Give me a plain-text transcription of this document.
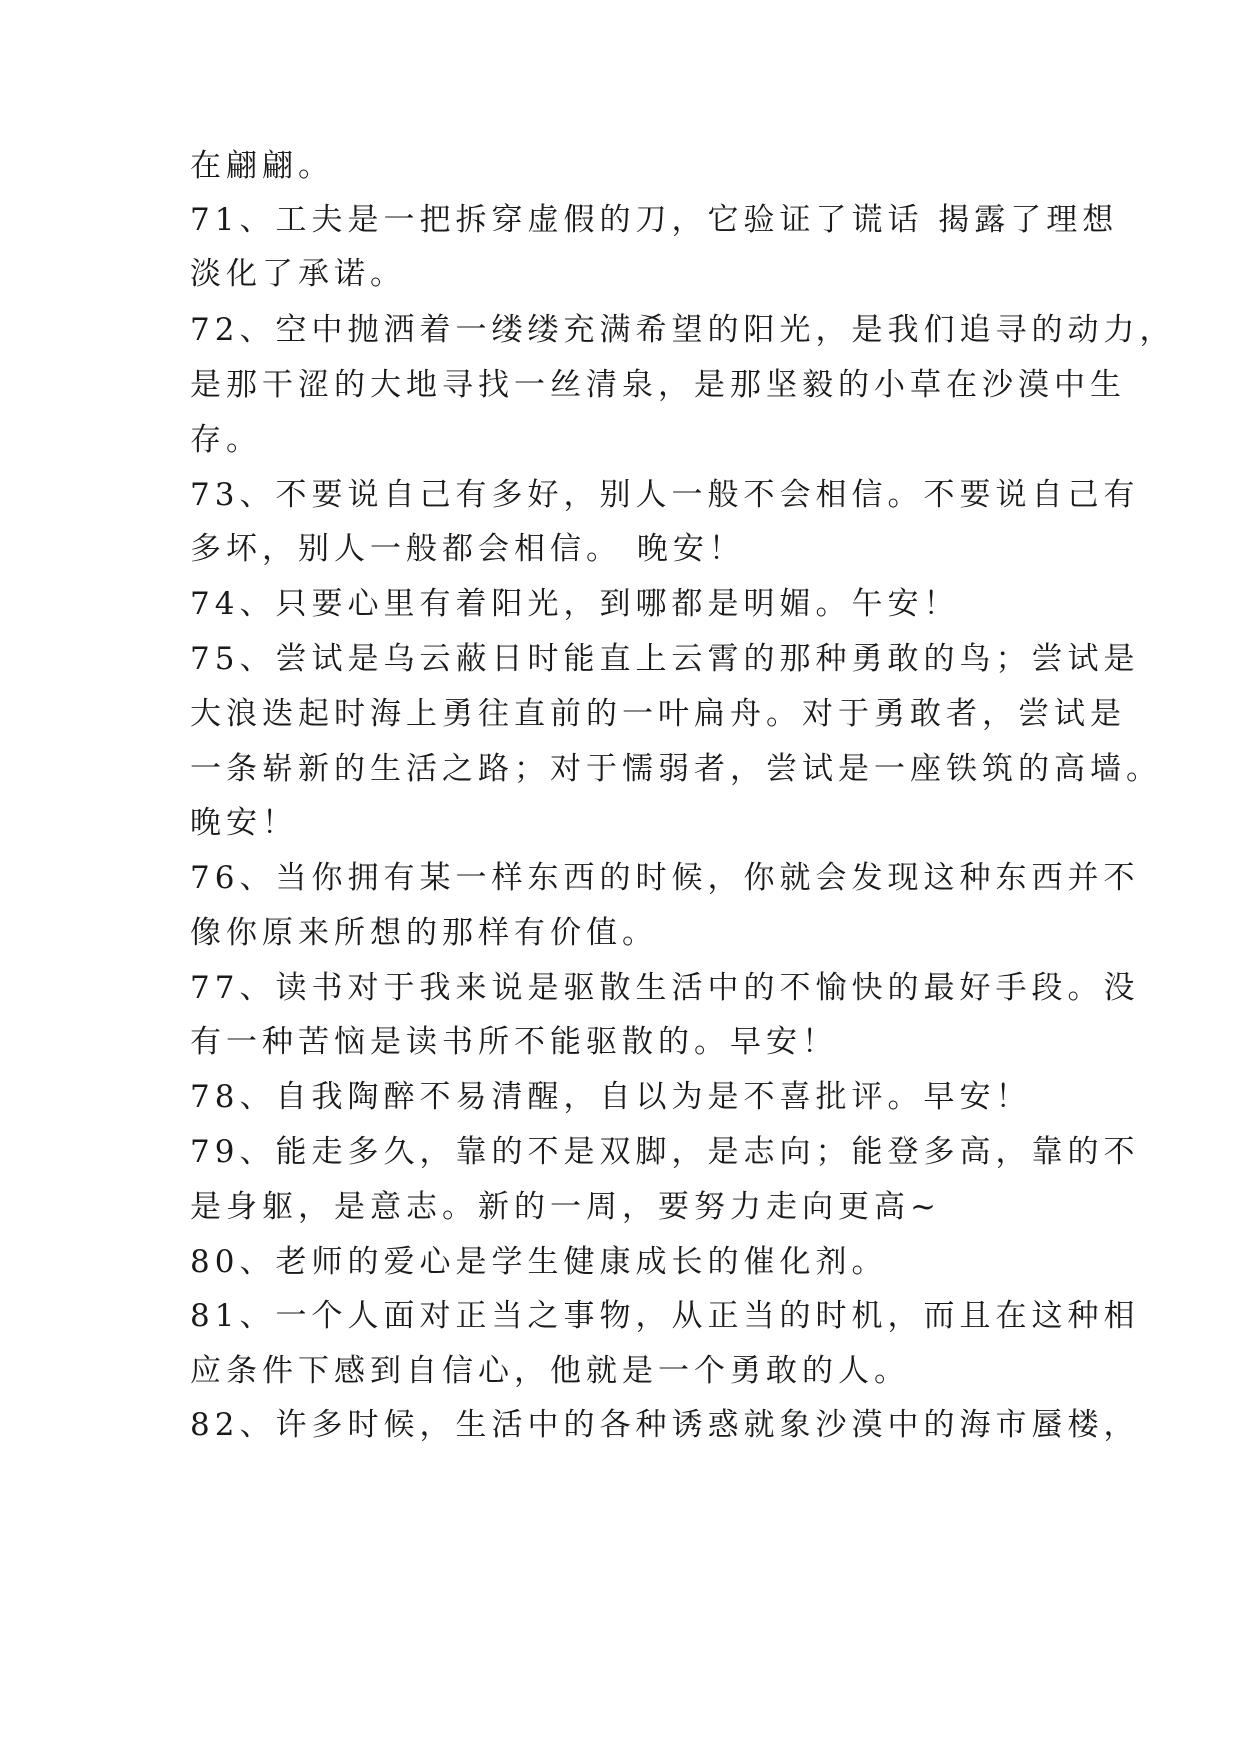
在翩翩。
71、工夫是一把拆穿虚假的刀，它验证了谎话 揭露了理想
淡化了承诺。
72、空中抛洒着一缕缕充满希望的阳光，是我们追寻的动力，
是那干涩的大地寻找一丝清泉，是那坚毅的小草在沙漠中生
存。
73、不要说自己有多好，别人一般不会相信。不要说自己有
多坏，别人一般都会相信。 晚安！
74、只要心里有着阳光，到哪都是明媚。午安！
75、尝试是乌云蔽日时能直上云霄的那种勇敢的鸟；尝试是
大浪迭起时海上勇往直前的一叶扁舟。对于勇敢者，尝试是
一条崭新的生活之路；对于懦弱者，尝试是一座铁筑的高墙。
晚安！
76、当你拥有某一样东西的时候，你就会发现这种东西并不
像你原来所想的那样有价值。
77、读书对于我来说是驱散生活中的不愉快的最好手段。没
有一种苦恼是读书所不能驱散的。早安！
78、自我陶醉不易清醒，自以为是不喜批评。早安！
79、能走多久，靠的不是双脚，是志向；能登多高，靠的不
是身躯，是意志。新的一周，要努力走向更高~
80、老师的爱心是学生健康成长的催化剂。
81、一个人面对正当之事物，从正当的时机，而且在这种相
应条件下感到自信心，他就是一个勇敢的人。
82、许多时候，生活中的各种诱惑就象沙漠中的海市蜃楼，
